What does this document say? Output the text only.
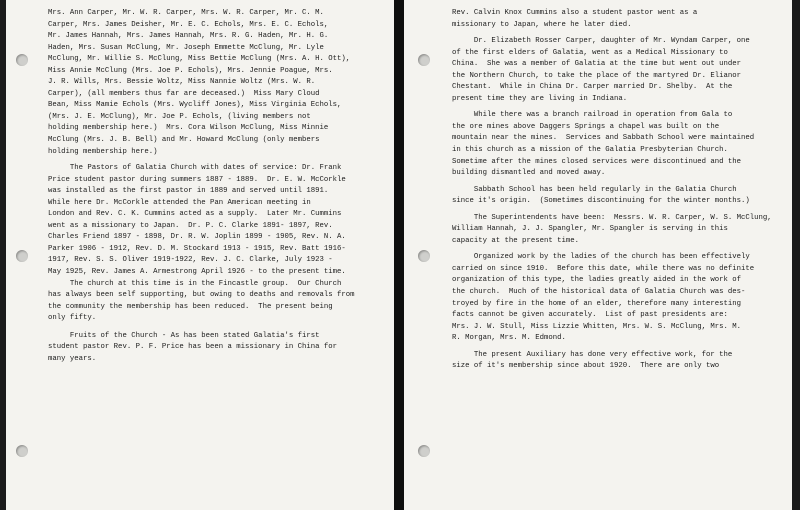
Mrs. Ann Carper, Mr. W. R. Carper, Mrs. W. R. Carper, Mr. C. M.
Carper, Mrs. James Deisher, Mr. E. C. Echols, Mrs. E. C. Echols,
Mr. James Hannah, Mrs. James Hannah, Mrs. R. G. Haden, Mr. H. G.
Haden, Mrs. Susan McClung, Mr. Joseph Emmette McClung, Mr. Lyle
McClung, Mr. Willie S. McClung, Miss Bettie McClung (Mrs. A. H. Ott),
Miss Annie McClung (Mrs. Joe P. Echols), Mrs. Jennie Poague, Mrs.
J. R. Wills, Mrs. Bessie Woltz, Miss Nannie Woltz (Mrs. W. R.
Carper), (all members thus far are deceased.)  Miss Mary Cloud
Bean, Miss Mamie Echols (Mrs. Wycliff Jones), Miss Virginia Echols,
(Mrs. J. E. McClung), Mr. Joe P. Echols, (living members not
holding membership here.)  Mrs. Cora Wilson McClung, Miss Minnie
McClung (Mrs. J. B. Bell) and Mr. Howard McClung (only members
holding membership here.)

The Pastors of Galatia Church with dates of service: Dr. Frank
Price student pastor during summers 1887 - 1889.  Dr. E. W. McCorkle
was installed as the first pastor in 1889 and served until 1891.
While here Dr. McCorkle attended the Pan American meeting in
London and Rev. C. K. Cummins acted as a supply.  Later Mr. Cummins
went as a missionary to Japan.  Dr. P. C. Clarke 1891- 1897, Rev.
Charles Friend 1897 - 1898, Dr. R. W. Joplin 1899 - 1905, Rev. N. A.
Parker 1906 - 1912, Rev. D. M. Stockard 1913 - 1915, Rev. Batt 1916-
1917, Rev. S. S. Oliver 1919-1922, Rev. J. C. Clarke, July 1923 -
May 1925, Rev. James A. Armestrong April 1926 - to the present time.
The church at this time is in the Fincastle group.  Our Church
has always been self supporting, but owing to deaths and removals from
the community the membership has been reduced.  The present being
only fifty.

Fruits of the Church - As has been stated Galatia's first
student pastor Rev. P. F. Price has been a missionary in China for
many years.

Rev. Calvin Knox Cummins also a student pastor went as a
missionary to Japan, where he later died.

Dr. Elizabeth Rosser Carper, daughter of Mr. Wyndam Carper, one
of the first elders of Galatia, went as a Medical Missionary to
China.  She was a member of Galatia at the time but went out under
the Northern Church, to take the place of the martyred Dr. Elianor
Chestant.  While in China Dr. Carper married Dr. Shelby.  At the
present time they are living in Indiana.

While there was a branch railroad in operation from Gala to
the ore mines above Daggers Springs a chapel was built on the
mountain near the mines.  Services and Sabbath School were maintained
in this church as a mission of the Galatia Presbyterian Church.
Sometime after the mines closed services were discontinued and the
building dismantled and moved away.

Sabbath School has been held regularly in the Galatia Church
since it's origin.  (Sometimes discontinuing for the winter months.)

The Superintendents have been:  Messrs. W. R. Carper, W. S. McClung,
William Hannah, J. J. Spangler, Mr. Spangler is serving in this
capacity at the present time.

Organized work by the ladies of the church has been effectively
carried on since 1910.  Before this date, while there was no definite
organization of this type, the ladies greatly aided in the work of
the church.  Much of the historical data of Galatia Church was des-
troyed by fire in the home of an elder, therefore many interesting
facts cannot be given accurately.  List of past presidents are:
Mrs. J. W. Stull, Miss Lizzie Whitten, Mrs. W. S. McClung, Mrs. M.
R. Morgan, Mrs. M. Edmond.

The present Auxiliary has done very effective work, for the
size of it's membership since about 1920.  There are only two
